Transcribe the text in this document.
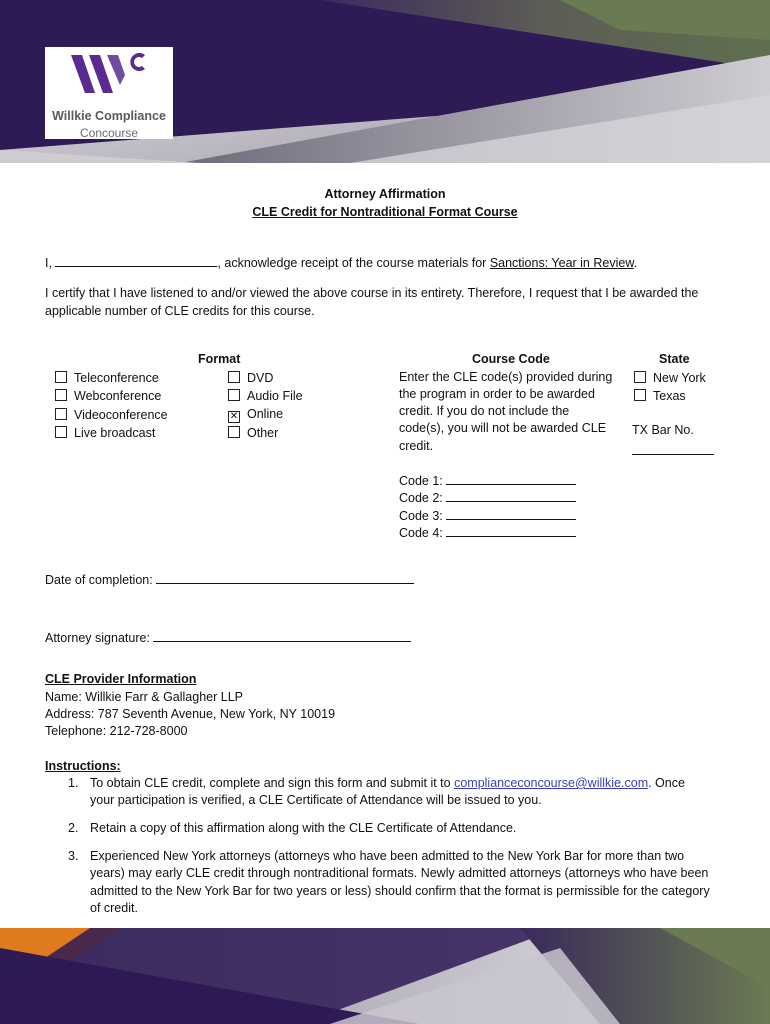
Willkie Compliance
Concourse
Attorney Affirmation
CLE Credit for Nontraditional Format Course
I,	, acknowledge receipt of the course materials for Sanctions: Year in Review.
I certify that I have listened to and/or viewed the above course in its entirety. Therefore, I request that I be awarded the applicable number of CLE credits for this course.
Format
Teleconference
Webconference
Videoconference
Live broadcast
DVD
Audio File
✕ Online
Other
Course Code
Enter the CLE code(s) provided during
the program in order to be awarded
credit. If you do not include the
code(s), you will not be awarded CLE
credit.
Code 1:
Code 2:
Code 3:
Code 4:
State
New York
Texas
TX Bar No.
Date of completion:
Attorney signature:
CLE Provider Information
Name: Willkie Farr & Gallagher LLP
Address: 787 Seventh Avenue, New York, NY 10019
Telephone: 212-728-8000
Instructions:
1. To obtain CLE credit, complete and sign this form and submit it to complianceconcourse@willkie.com. Once
your participation is verified, a CLE Certificate of Attendance will be issued to you.
2. Retain a copy of this affirmation along with the CLE Certificate of Attendance.
3. Experienced New York attorneys (attorneys who have been admitted to the New York Bar for more than two years) may early CLE credit through nontraditional formats. Newly admitted attorneys (attorneys who have been admitted to the New York Bar for two years or less) should confirm that the format is permissible for the category of credit.
